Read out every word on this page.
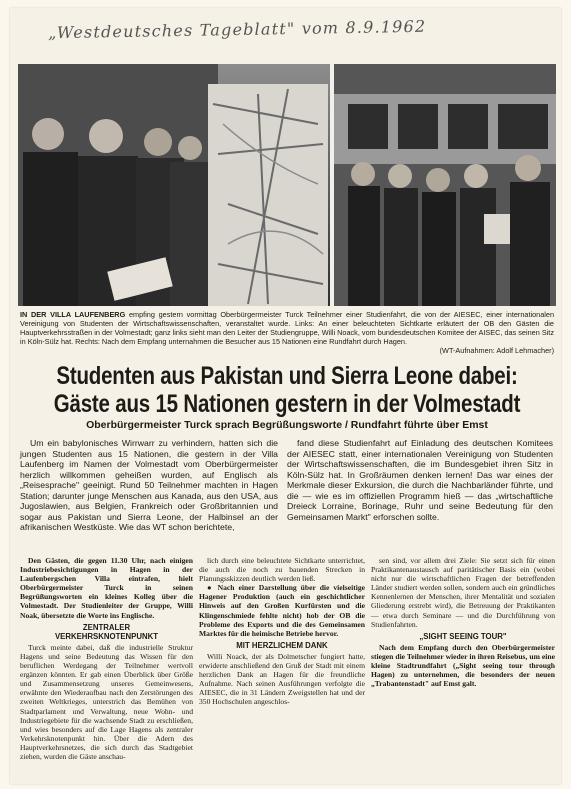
„Westdeutsches Tageblatt" vom 8.9.1962
IN DER VILLA LAUFENBERG empfing gestern vormittag Oberbürgermeister Turck Teilnehmer einer Studienfahrt, die von der AIESEC, einer internationalen Vereinigung von Studenten der Wirtschaftswissenschaften, veranstaltet wurde. Links: An einer beleuchteten Sichtkarte erläutert der OB den Gästen die Hauptverkehrsstraßen in der Volmestadt; ganz links sieht man den Leiter der Studiengruppe, Willi Noack, vom bundesdeutschen Komitee der AISEC, das seinen Sitz in Köln-Sülz hat. Rechts: Nach dem Empfang unternahmen die Besucher aus 15 Nationen eine Rundfahrt durch Hagen.
(WT-Aufnahmen: Adolf Lehmacher)
Studenten aus Pakistan und Sierra Leone dabei:
Gäste aus 15 Nationen gestern in der Volmestadt
Oberbürgermeister Turck sprach Begrüßungsworte / Rundfahrt führte über Emst
Um ein babylonisches Wirrwarr zu verhindern, hatten sich die jungen Studenten aus 15 Nationen, die gestern in der Villa Laufenberg im Namen der Volmestadt vom Oberbürgermeister herzlich willkommen geheißen wurden, auf Englisch als „Reisesprache" geeinigt. Rund 50 Teilnehmer machten in Hagen Station; darunter junge Menschen aus Kanada, aus den USA, aus Jugoslawien, aus Belgien, Frankreich oder Großbritannien und sogar aus Pakistan und Sierra Leone, der Halbinsel an der afrikanischen Westküste. Wie das WT schon berichtete,
fand diese Studienfahrt auf Einladung des deutschen Komitees der AIESEC statt, einer internationalen Vereinigung von Studenten der Wirtschaftswissenschaften, die im Bundesgebiet ihren Sitz in Köln-Sülz hat. In Großräumen denken lernen! Das war eines der Merkmale dieser Exkursion, die durch die Nachbarländer führte, und die — wie es im offiziellen Programm hieß — das „wirtschaftliche Dreieck Lorraine, Borinage, Ruhr und seine Bedeutung für den Gemeinsamen Markt" erforschen sollte.

Den Gästen, die gegen 11.30 Uhr, nach einigen Industriebesichtigungen in Hagen in der Laufenbergschen Villa eintrafen, hielt Oberbürgermeister Turck in seinen Begrüßungsworten ein kleines Kolleg über die Volmestadt. Der Studienleiter der Gruppe, Willi Noak, übersetzte die Worte ins Englische.

ZENTRALER
VERKEHRSKNOTENPUNKT

Turck meinte dabei, daß die industrielle Struktur Hagens und seine Bedeutung das Wissen für den beruflichen Werdegang der Teilnehmer wertvoll ergänzen könnten. Er gab einen Überblick über Größe und Zusammensetzung unseres Gemeinwesens, erwähnte den Wiederaufbau nach den Zerstörungen des zweiten Weltkrieges, unterstrich das Bemühen von Stadtparlament und Verwaltung, neue Wohn- und Industriegebiete für die wachsende Stadt zu erschließen, und wies besonders auf die Lage Hagens als zentraler Verkehrsknotenpunkt hin. Über die Adern des Hauptverkehrsnetzes, die sich durch das Stadtgebiet ziehen, wurden die Gäste anschau-

lich durch eine beleuchtete Sichtkarte unterrichtet, die auch die noch zu bauenden Strecken in Planungsskizzen deutlich werden ließ.

● Nach einer Darstellung über die vielseitige Hagener Produktion (auch ein geschichtlicher Hinweis auf den Großen Kurfürsten und die Klingenschmiede fehlte nicht) hob der OB die Probleme des Exports und die des Gemeinsamen Marktes für die heimische Betriebe hervor.

MIT HERZLICHEM DANK

Willi Noack, der als Dolmetscher fungiert hatte, erwiderte anschließend den Gruß der Stadt mit einem herzlichen Dank an Hagen für die freundliche Aufnahme. Nach seinen Ausführungen verfolgte die AIESEC, die in 31 Ländern Zweigstellen hat und der 350 Hochschulen angeschlos-

sen sind, vor allem drei Ziele: Sie setzt sich für einen Praktikantenaustausch auf paritätischer Basis ein (wobei nicht nur die wirtschaftlichen Fragen der betreffenden Länder studiert werden sollen, sondern auch ein gründliches Kennenlernen der Menschen, ihrer Mentalität und sozialen Gliederung erstrebt wird), die Betreuung der Praktikanten — etwa durch Seminare — und die Durchführung von Studienfahrten.

„SIGHT SEEING TOUR"

Nach dem Empfang durch den Oberbürgermeister stiegen die Teilnehmer wieder in ihren Reisebus, um eine kleine Stadtrundfahrt („Sight seeing tour through Hagen) zu unternehmen, die besonders der neuen „Trabantenstadt" auf Emst galt.
